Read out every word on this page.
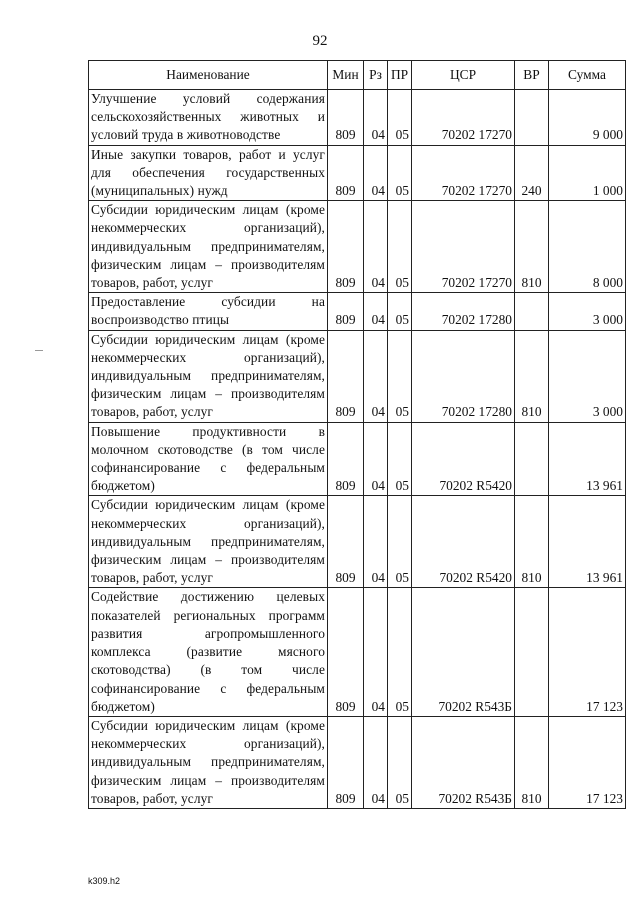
92
Наименование	Мин	Рз	ПР	ЦСР	ВР	Сумма
Улучшение условий содержания сельскохозяйственных животных и условий труда в животноводстве	809	04	05	70202 17270		9 000
Иные закупки товаров, работ и услуг для обеспечения государственных (муниципальных) нужд	809	04	05	70202 17270	240	1 000
Субсидии юридическим лицам (кроме некоммерческих организаций), индивидуальным предпринимателям, физическим лицам – производителям товаров, работ, услуг	809	04	05	70202 17270	810	8 000
Предоставление субсидии на воспроизводство птицы	809	04	05	70202 17280		3 000
Субсидии юридическим лицам (кроме некоммерческих организаций), индивидуальным предпринимателям, физическим лицам – производителям товаров, работ, услуг	809	04	05	70202 17280	810	3 000
Повышение продуктивности в молочном скотоводстве (в том числе софинансирование с федеральным бюджетом)	809	04	05	70202 R5420		13 961
Субсидии юридическим лицам (кроме некоммерческих организаций), индивидуальным предпринимателям, физическим лицам – производителям товаров, работ, услуг	809	04	05	70202 R5420	810	13 961
Содействие достижению целевых показателей региональных программ развития агропромышленного комплекса (развитие мясного скотоводства) (в том числе софинансирование с федеральным бюджетом)	809	04	05	70202 R543Б		17 123
Субсидии юридическим лицам (кроме некоммерческих организаций), индивидуальным предпринимателям, физическим лицам – производителям товаров, работ, услуг	809	04	05	70202 R543Б	810	17 123
k309.h2
